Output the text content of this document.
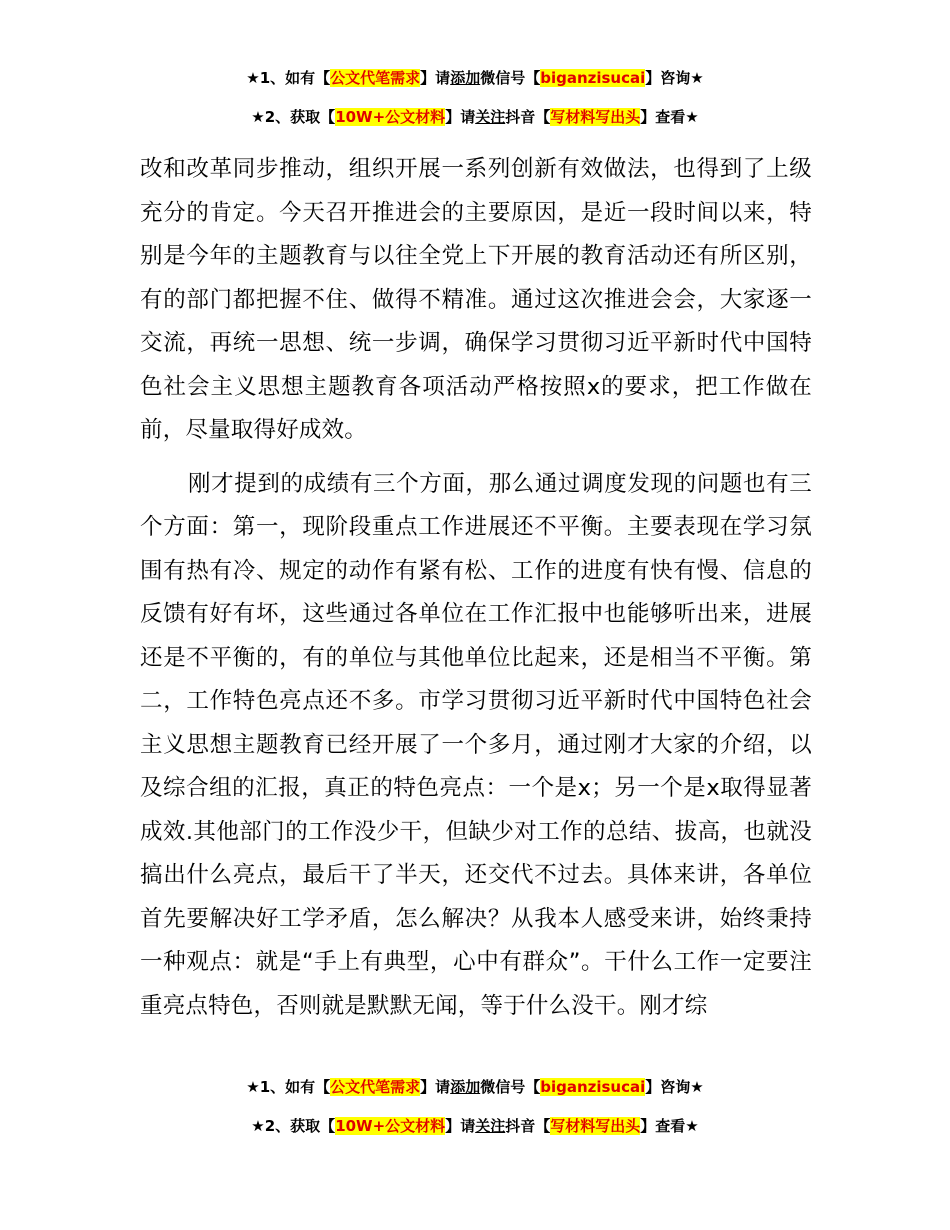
★1、如有【公文代笔需求】请添加微信号【biganzisucai】咨询★
★2、获取【10W+公文材料】请关注抖音【写材料写出头】查看★

改和改革同步推动，组织开展一系列创新有效做法，也得到了上级充分的肯定。今天召开推进会的主要原因，是近一段时间以来，特别是今年的主题教育与以往全党上下开展的教育活动还有所区别，有的部门都把握不住、做得不精准。通过这次推进会会，大家逐一交流，再统一思想、统一步调，确保学习贯彻习近平新时代中国特色社会主义思想主题教育各项活动严格按照x的要求，把工作做在前，尽量取得好成效。

刚才提到的成绩有三个方面，那么通过调度发现的问题也有三个方面：第一，现阶段重点工作进展还不平衡。主要表现在学习氛围有热有冷、规定的动作有紧有松、工作的进度有快有慢、信息的反馈有好有坏，这些通过各单位在工作汇报中也能够听出来，进展还是不平衡的，有的单位与其他单位比起来，还是相当不平衡。第二，工作特色亮点还不多。市学习贯彻习近平新时代中国特色社会主义思想主题教育已经开展了一个多月，通过刚才大家的介绍，以及综合组的汇报，真正的特色亮点：一个是x；另一个是x取得显著成效.其他部门的工作没少干，但缺少对工作的总结、拔高，也就没搞出什么亮点，最后干了半天，还交代不过去。具体来讲，各单位首先要解决好工学矛盾，怎么解决？从我本人感受来讲，始终秉持一种观点：就是“手上有典型，心中有群众”。干什么工作一定要注重亮点特色，否则就是默默无闻，等于什么没干。刚才综

★1、如有【公文代笔需求】请添加微信号【biganzisucai】咨询★
★2、获取【10W+公文材料】请关注抖音【写材料写出头】查看★
